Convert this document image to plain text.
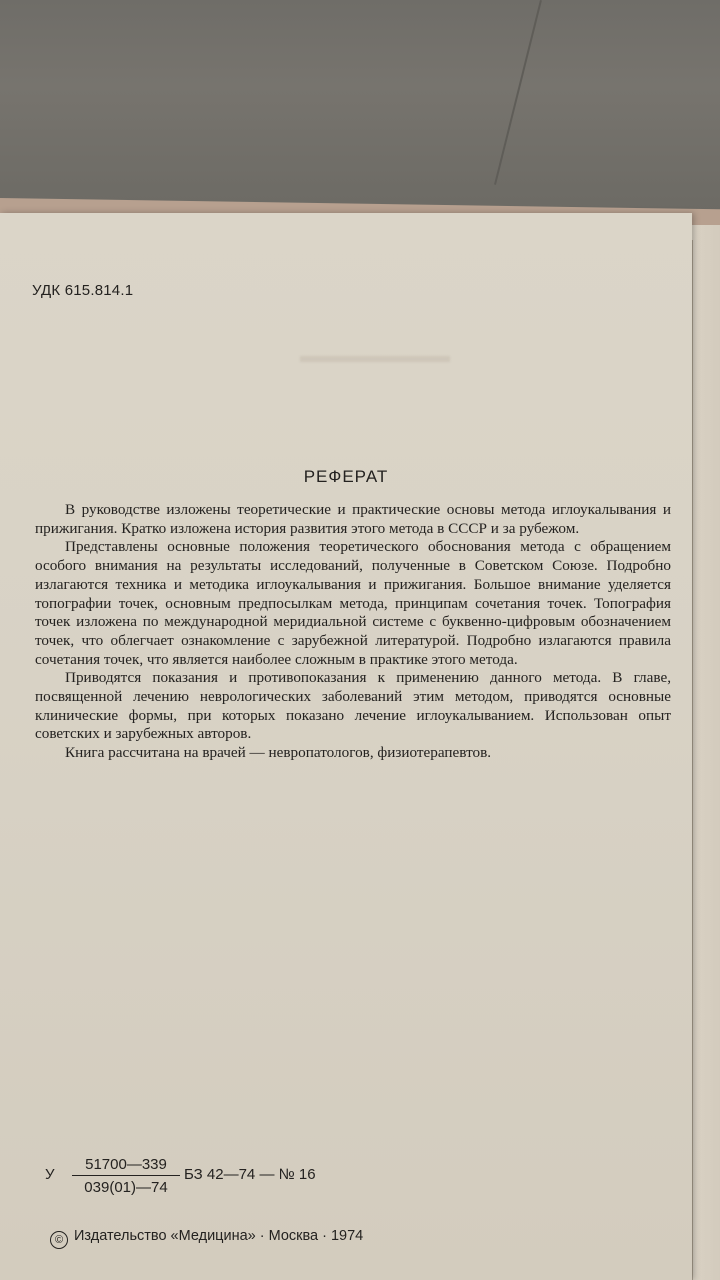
УДК 615.814.1

РЕФЕРАТ

В руководстве изложены теоретические и практические основы метода иглоукалывания и прижигания. Кратко изложена история развития этого метода в СССР и за рубежом.

Представлены основные положения теоретического обоснования метода с обращением особого внимания на результаты исследований, полученные в Советском Союзе. Подробно излагаются техника и методика иглоукалывания и прижигания. Большое внимание уделяется топографии точек, основным предпосылкам метода, принципам сочетания точек. Топография точек изложена по международной меридиальной системе с буквенно-цифровым обозначением точек, что облегчает ознакомление с зарубежной литературой. Подробно излагаются правила сочетания точек, что является наиболее сложным в практике этого метода.

Приводятся показания и противопоказания к применению данного метода. В главе, посвященной лечению неврологических заболеваний этим методом, приводятся основные клинические формы, при которых показано лечение иглоукалыванием. Использован опыт советских и зарубежных авторов.

Книга рассчитана на врачей — невропатологов, физиотерапевтов.

У $\frac{51700—339}{039(01)—74}$ БЗ 42—74 — № 16
© Издательство «Медицина» · Москва · 1974
